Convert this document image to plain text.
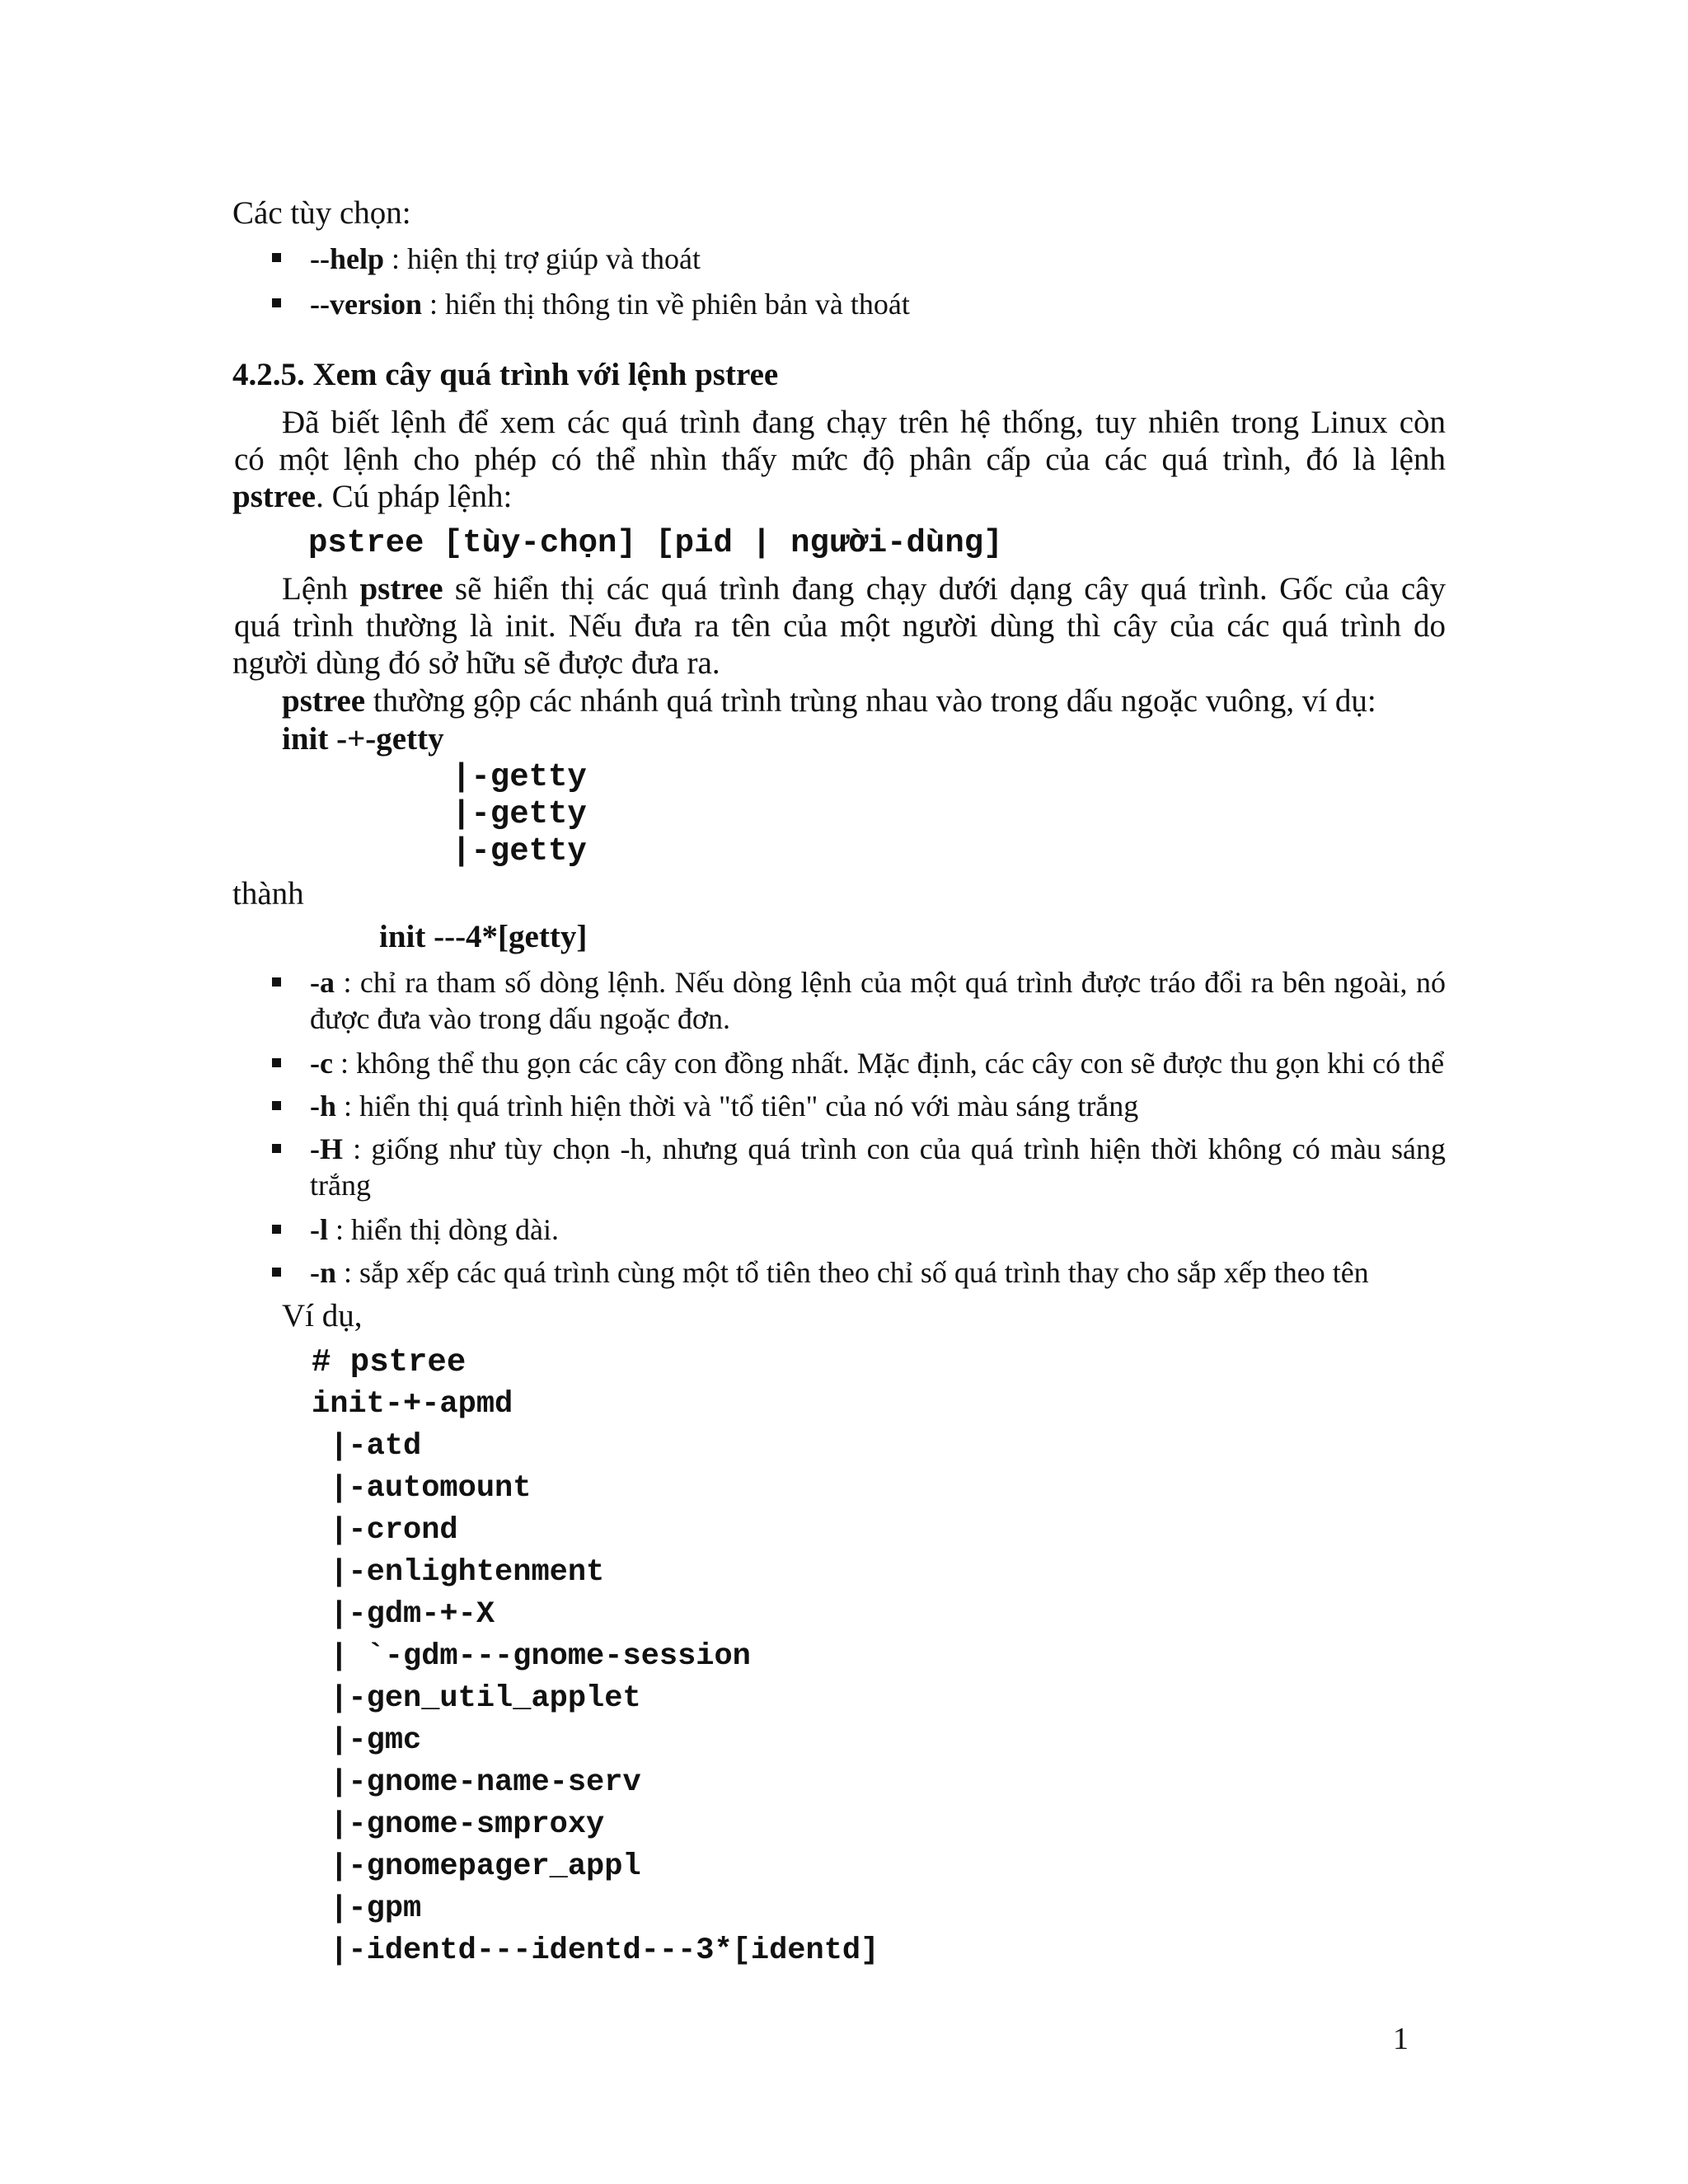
Các tùy chọn:
--help : hiện thị trợ giúp và thoát
--version : hiển thị thông tin về phiên bản và thoát
4.2.5. Xem cây quá trình với lệnh pstree
Đã biết lệnh để xem các quá trình đang chạy trên hệ thống, tuy nhiên trong Linux còn
có một lệnh cho phép có thể nhìn thấy mức độ phân cấp của các quá trình, đó là lệnh
pstree. Cú pháp lệnh:
pstree [tùy-chọn] [pid | người-dùng]
Lệnh pstree sẽ hiển thị các quá trình đang chạy dưới dạng cây quá trình. Gốc của cây
quá trình thường là init. Nếu đưa ra tên của một người dùng thì cây của các quá trình do
người dùng đó sở hữu sẽ được đưa ra.
pstree thường gộp các nhánh quá trình trùng nhau vào trong dấu ngoặc vuông, ví dụ:
init -+-getty
|-getty
|-getty
|-getty
thành
init ---4*[getty]
-a : chỉ ra tham số dòng lệnh. Nếu dòng lệnh của một quá trình được tráo đổi ra bên ngoài, nó
được đưa vào trong dấu ngoặc đơn.
-c : không thể thu gọn các cây con đồng nhất. Mặc định, các cây con sẽ được thu gọn khi có thể
-h : hiển thị quá trình hiện thời và "tổ tiên" của nó với màu sáng trắng
-H : giống như tùy chọn -h, nhưng quá trình con của quá trình hiện thời không có màu sáng
trắng
-l : hiển thị dòng dài.
-n : sắp xếp các quá trình cùng một tổ tiên theo chỉ số quá trình thay cho sắp xếp theo tên
Ví dụ,
# pstree
init-+-apmd
|-atd
|-automount
|-crond
|-enlightenment
|-gdm-+-X
| `-gdm---gnome-session
|-gen_util_applet
|-gmc
|-gnome-name-serv
|-gnome-smproxy
|-gnomepager_appl
|-gpm
|-identd---identd---3*[identd]
1
